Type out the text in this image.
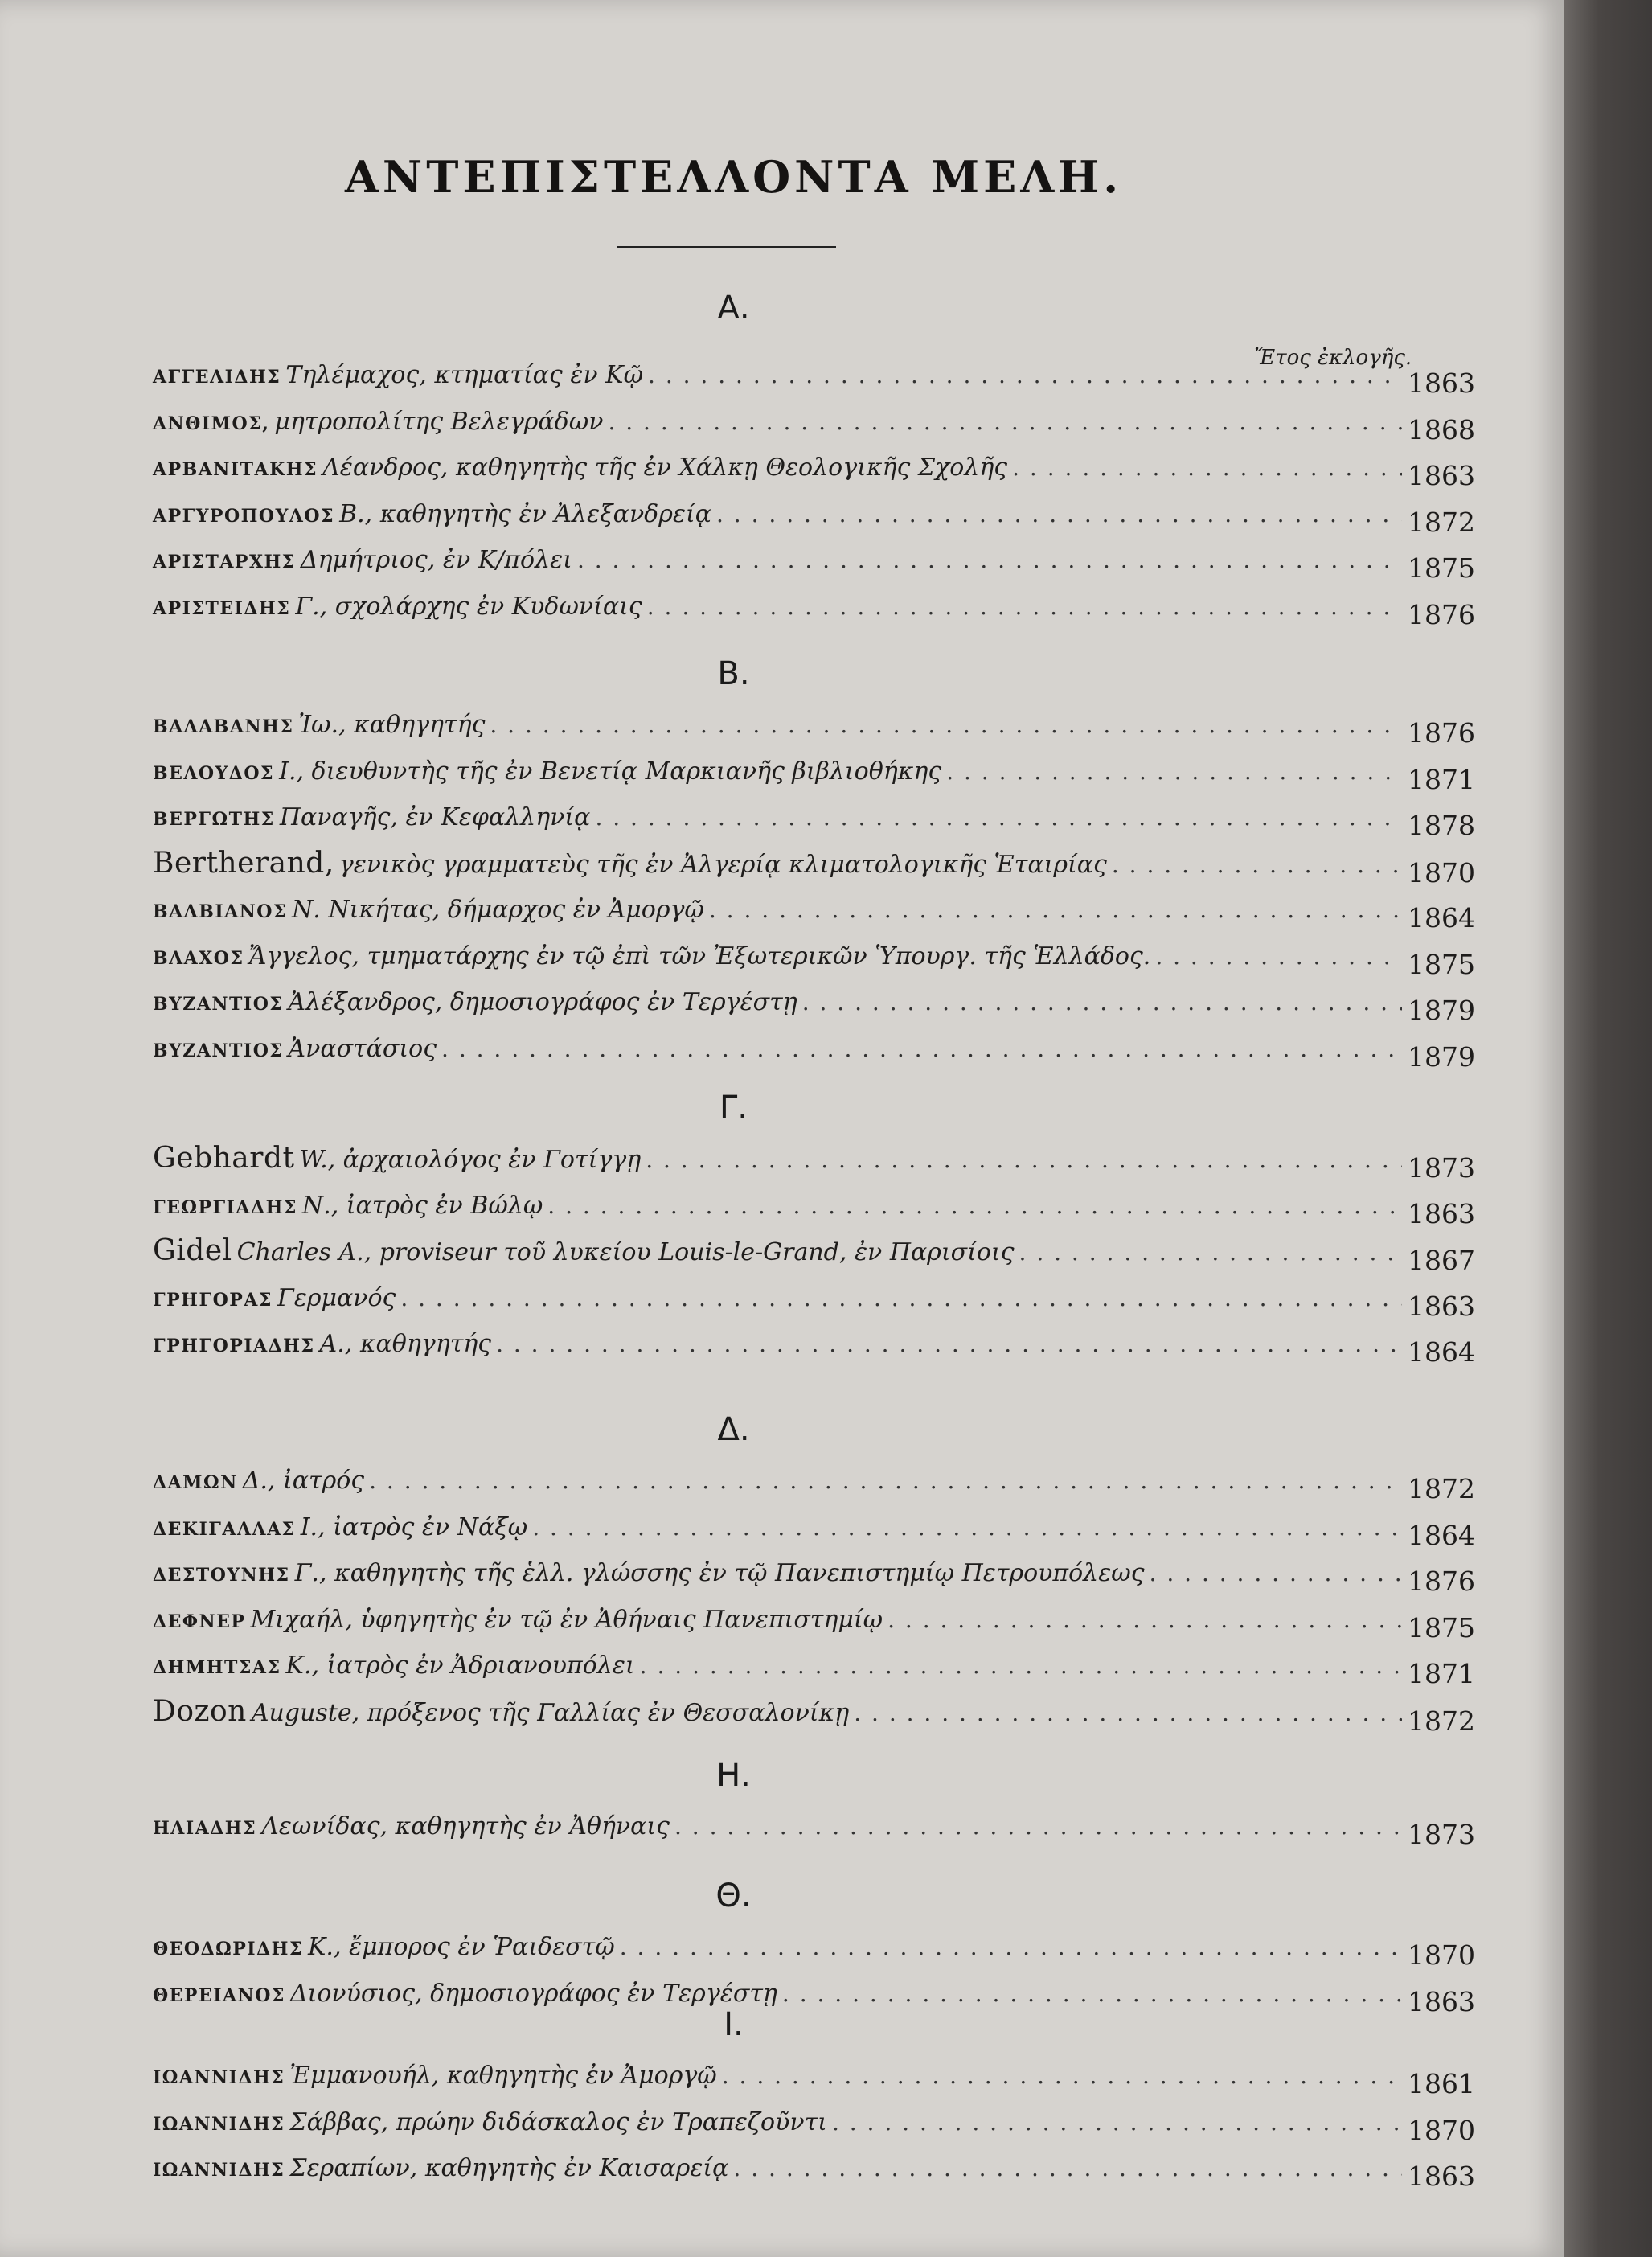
ΑΝΤΕΠΙΣΤΕΛΛΟΝΤΑ ΜΕΛΗ.
Ἔτος ἐκλογῆς.
Α.
ΑΓΓΕΛΙΔΗΣ Τηλέμαχος, κτηματίας ἐν Κῷ . . .	1863
ΑΝΘΙΜΟΣ, μητροπολίτης Βελεγράδων . . .	1868
ΑΡΒΑΝΙΤΑΚΗΣ Λέανδρος, καθηγητὴς τῆς ἐν Χάλκῃ Θεολογικῆς Σχολῆς . . .	1863
ΑΡΓΥΡΟΠΟΥΛΟΣ Β., καθηγητὴς ἐν Ἀλεξανδρείᾳ . . .	1872
ΑΡΙΣΤΑΡΧΗΣ Δημήτριος, ἐν Κ/πόλει . . .	1875
ΑΡΙΣΤΕΙΔΗΣ Γ., σχολάρχης ἐν Κυδωνίαις . . .	1876
Β.
ΒΑΛΑΒΑΝΗΣ Ἰω., καθηγητής . . .	1876
ΒΕΛΟΥΔΟΣ Ι., διευθυντὴς τῆς ἐν Βενετίᾳ Μαρκιανῆς βιβλιοθήκης . . .	1871
ΒΕΡΓΩΤΗΣ Παναγῆς, ἐν Κεφαλληνίᾳ . . .	1878
Bertherand, γενικὸς γραμματεὺς τῆς ἐν Ἀλγερίᾳ κλιματολογικῆς Ἑταιρίας . . .	1870
ΒΑΛΒΙΑΝΟΣ Ν. Νικήτας, δήμαρχος ἐν Ἀμοργῷ . . .	1864
ΒΛΑΧΟΣ Ἄγγελος, τμηματάρχης ἐν τῷ ἐπὶ τῶν Ἐξωτερικῶν Ὑπουργ. τῆς Ἑλλάδος. . . .	1875
ΒΥΖΑΝΤΙΟΣ Ἀλέξανδρος, δημοσιογράφος ἐν Τεργέστῃ . . .	1879
ΒΥΖΑΝΤΙΟΣ Ἀναστάσιος . . .	1879
Γ.
Gebhardt W., ἀρχαιολόγος ἐν Γοτίγγῃ . . .	1873
ΓΕΩΡΓΙΑΔΗΣ Ν., ἰατρὸς ἐν Βώλῳ . . .	1863
Gidel Charles A., proviseur τοῦ λυκείου Louis-le-Grand, ἐν Παρισίοις . . .	1867
ΓΡΗΓΟΡΑΣ Γερμανός . . .	1863
ΓΡΗΓΟΡΙΑΔΗΣ Α., καθηγητής . . .	1864
Δ.
ΔΑΜΩΝ Δ., ἰατρός . . .	1872
ΔΕΚΙΓΑΛΛΑΣ Ι., ἰατρὸς ἐν Νάξῳ . . .	1864
ΔΕΣΤΟΥΝΗΣ Γ., καθηγητὴς τῆς ἑλλ. γλώσσης ἐν τῷ Πανεπιστημίῳ Πετρουπόλεως . . .	1876
ΔΕΦΝΕΡ Μιχαήλ, ὑφηγητὴς ἐν τῷ ἐν Ἀθήναις Πανεπιστημίῳ . . .	1875
ΔΗΜΗΤΣΑΣ Κ., ἰατρὸς ἐν Ἀδριανουπόλει . . .	1871
Dozon Auguste, πρόξενος τῆς Γαλλίας ἐν Θεσσαλονίκῃ . . .	1872
Η.
ΗΛΙΑΔΗΣ Λεωνίδας, καθηγητὴς ἐν Ἀθήναις . . .	1873
Θ.
ΘΕΟΔΩΡΙΔΗΣ Κ., ἔμπορος ἐν Ῥαιδεστῷ . . .	1870
ΘΕΡΕΙΑΝΟΣ Διονύσιος, δημοσιογράφος ἐν Τεργέστῃ . . .	1863
Ι.
ΙΩΑΝΝΙΔΗΣ Ἐμμανουήλ, καθηγητὴς ἐν Ἀμοργῷ . . .	1861
ΙΩΑΝΝΙΔΗΣ Σάββας, πρώην διδάσκαλος ἐν Τραπεζοῦντι . . .	1870
ΙΩΑΝΝΙΔΗΣ Σεραπίων, καθηγητὴς ἐν Καισαρείᾳ . . .	1863
